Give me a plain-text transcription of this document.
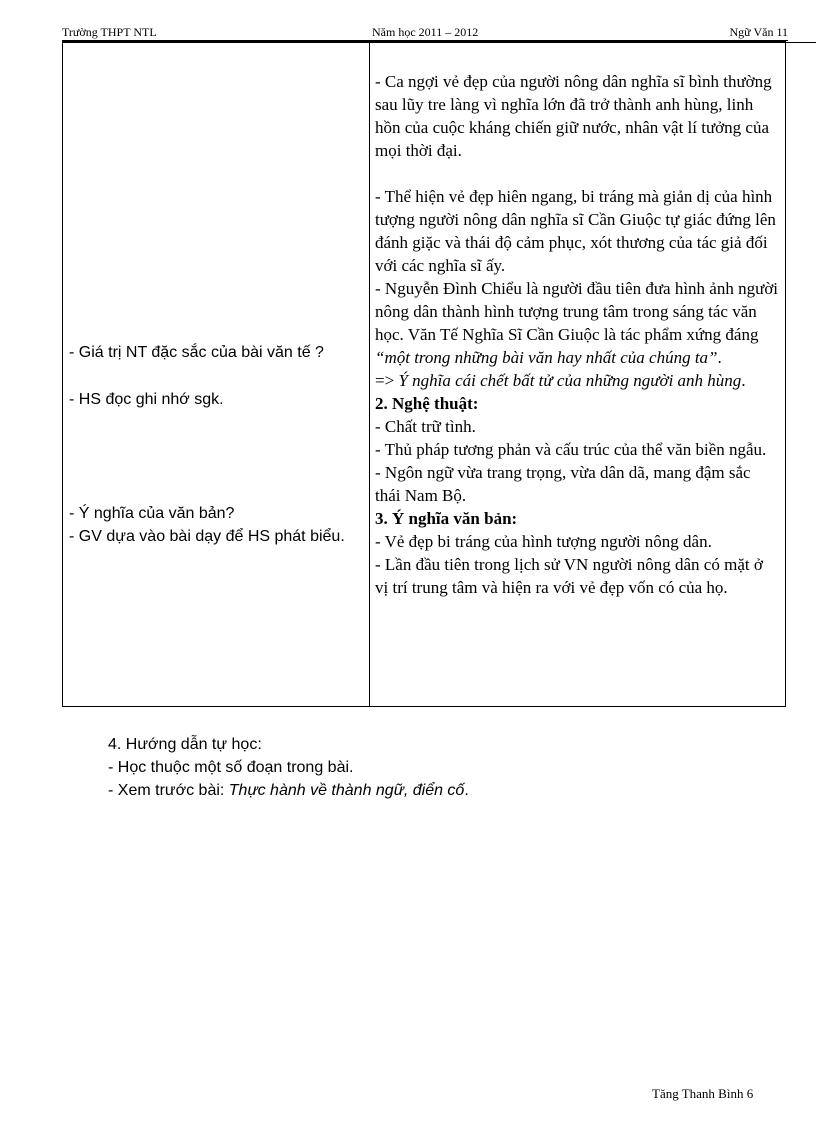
Trường THPT NTL	Năm học 2011 – 2012	Ngữ Văn 11
- Giá trị NT đặc sắc của bài văn tế ?
- HS đọc ghi nhớ sgk.
- Ý nghĩa của văn bản?
- GV dựa vào bài dạy để HS phát biểu.

- Ca ngợi vẻ đẹp của người nông dân nghĩa sĩ bình thường sau lũy tre làng vì nghĩa lớn đã trở thành anh hùng, linh hồn của cuộc kháng chiến giữ nước, nhân vật lí tưởng của mọi thời đại.

- Thể hiện vẻ đẹp hiên ngang, bi tráng mà giản dị của hình tượng người nông dân nghĩa sĩ Cần Giuộc tự giác đứng lên đánh giặc và thái độ cảm phục, xót thương của tác giả đối với các nghĩa sĩ ấy.

- Nguyễn Đình Chiểu là người đầu tiên đưa hình ảnh người nông dân thành hình tượng trung tâm trong sáng tác văn học. Văn Tế Nghĩa Sĩ Cần Giuộc là tác phẩm xứng đáng “một trong những bài văn hay nhất của chúng ta”.

=> Ý nghĩa cái chết bất tử của những người anh hùng.

2. Nghệ thuật:

- Chất trữ tình.

- Thủ pháp tương phản và cấu trúc của thể văn biền ngẫu.

- Ngôn ngữ vừa trang trọng, vừa dân dã, mang đậm sắc thái Nam Bộ.

3. Ý nghĩa văn bản:

- Vẻ đẹp bi tráng của hình tượng người nông dân.

- Lần đầu tiên trong lịch sử VN người nông dân có mặt ở vị trí trung tâm và hiện ra với vẻ đẹp vốn có của họ.

4. Hướng dẫn tự học:

- Học thuộc một số đoạn trong bài.

- Xem trước bài: Thực hành về thành ngữ, điển cố.

Tăng Thanh Bình 6
